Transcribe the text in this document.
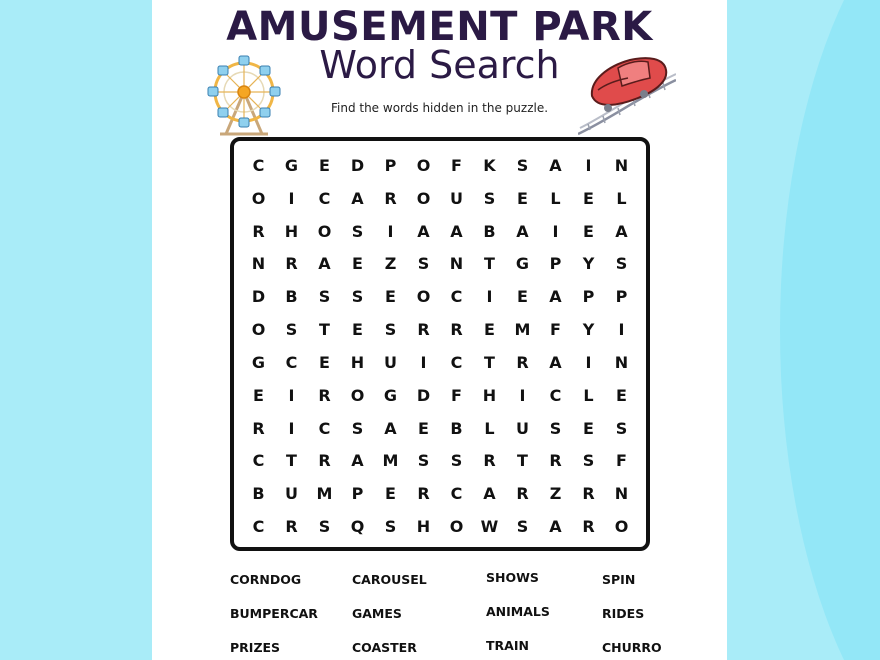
AMUSEMENT PARK
Word Search
Find the words hidden in the puzzle.
C	G	E	D	P	O	F	K	S	A	I	N
O	I	C	A	R	O	U	S	E	L	E	L
R	H	O	S	I	A	A	B	A	I	E	A
N	R	A	E	Z	S	N	T	G	P	Y	S
D	B	S	S	E	O	C	I	E	A	P	P
O	S	T	E	S	R	R	E	M	F	Y	I
G	C	E	H	U	I	C	T	R	A	I	N
E	I	R	O	G	D	F	H	I	C	L	E
R	I	C	S	A	E	B	L	U	S	E	S
C	T	R	A	M	S	S	R	T	R	S	F
B	U	M	P	E	R	C	A	R	Z	R	N
C	R	S	Q	S	H	O	W	S	A	R	O
CORNDOG	CAROUSEL	SHOWS	SPIN
BUMPERCAR	GAMES	ANIMALS	RIDES
PRIZES	COASTER	TRAIN	CHURRO
